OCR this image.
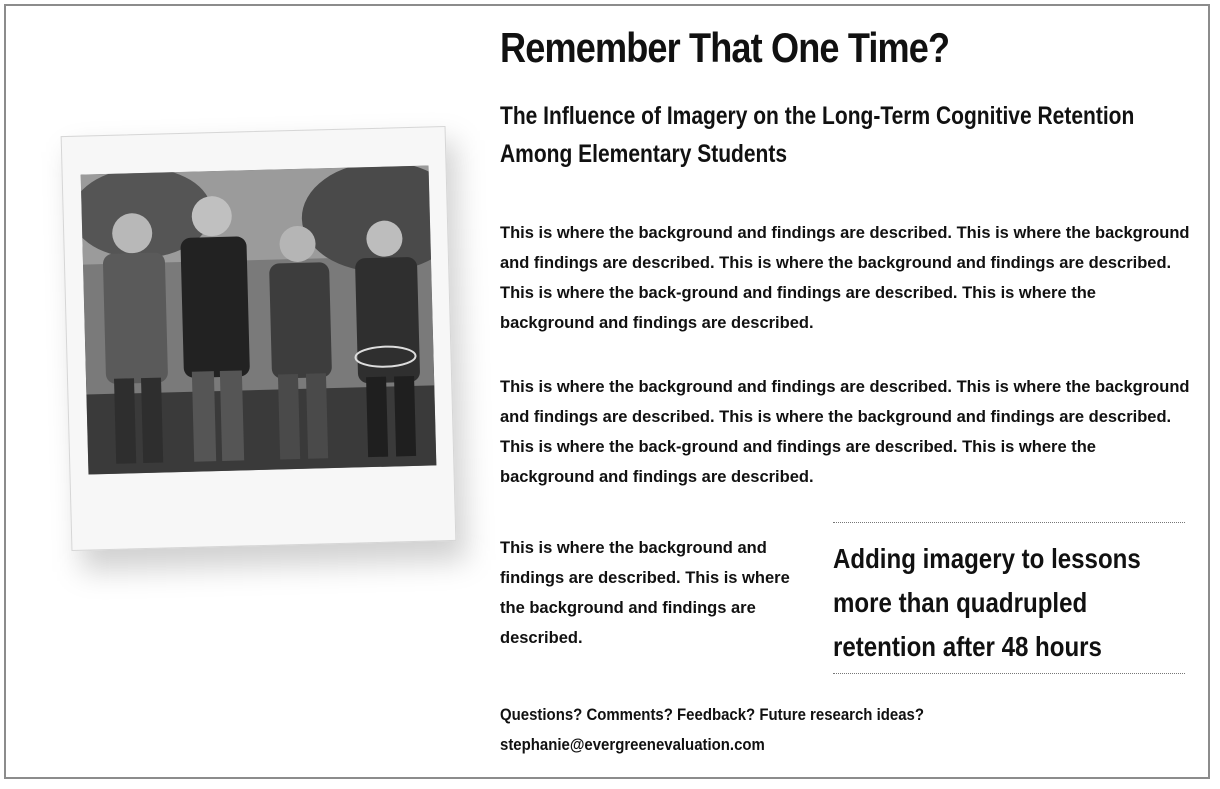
Remember That One Time?
The Influence of Imagery on the Long-Term Cognitive Retention Among Elementary Students

This is where the background and findings are described. This is where the background and findings are described. This is where the background and findings are described. This is where the back-ground and findings are described. This is where the background and findings are described.

This is where the background and findings are described. This is where the background and findings are described. This is where the background and findings are described. This is where the back-ground and findings are described. This is where the background and findings are described.

This is where the background and findings are described. This is where the background and findings are described.

Adding imagery to lessons more than quadrupled retention after 48 hours

Questions? Comments? Feedback? Future research ideas?

stephanie@evergreenevaluation.com
